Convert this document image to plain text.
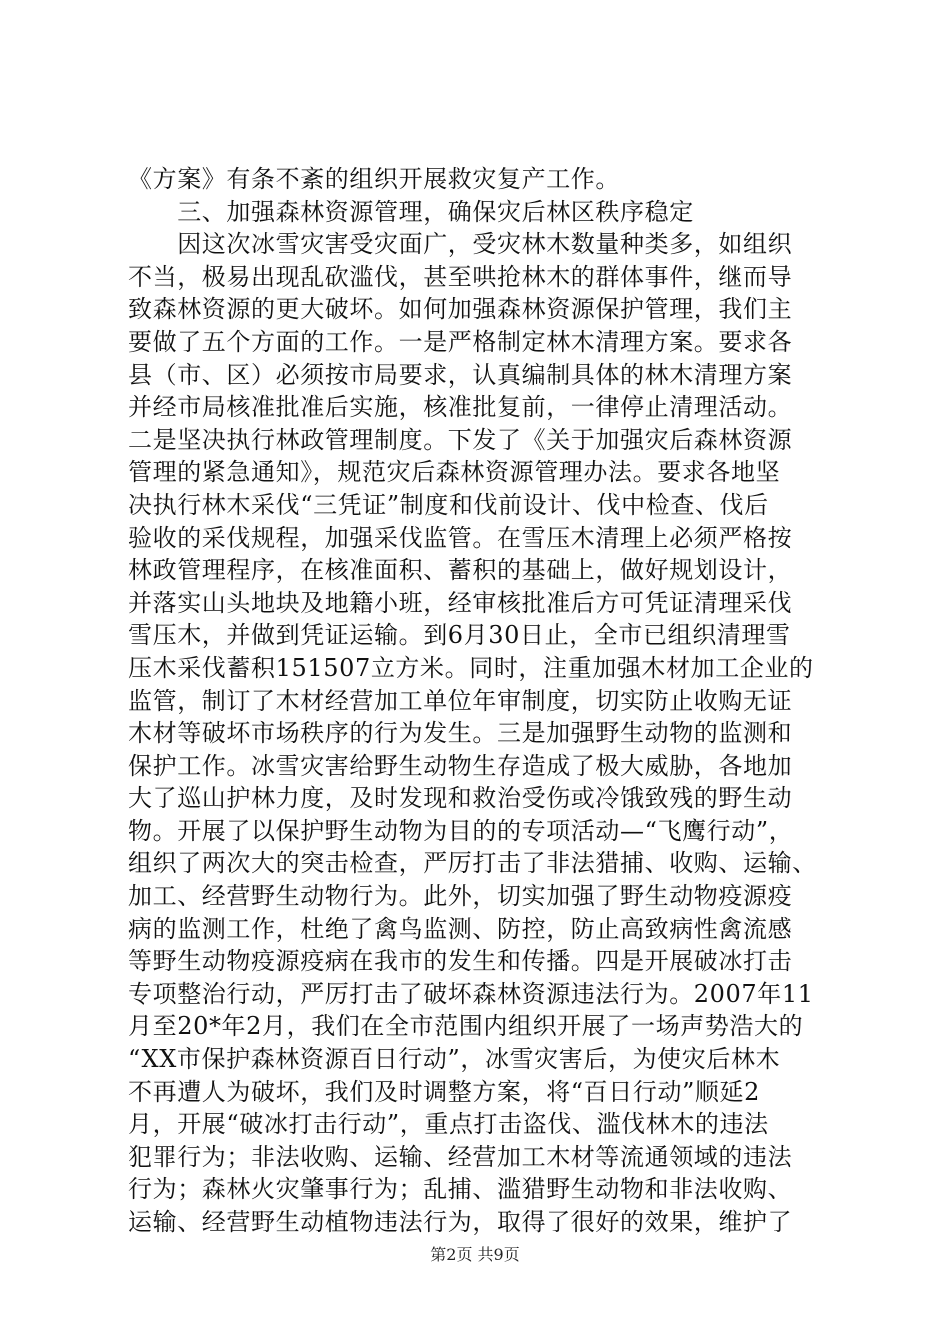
《方案》有条不紊的组织开展救灾复产工作。
　　三、加强森林资源管理，确保灾后林区秩序稳定
　　因这次冰雪灾害受灾面广，受灾林木数量种类多，如组织
不当，极易出现乱砍滥伐，甚至哄抢林木的群体事件，继而导
致森林资源的更大破坏。如何加强森林资源保护管理，我们主
要做了五个方面的工作。一是严格制定林木清理方案。要求各
县（市、区）必须按市局要求，认真编制具体的林木清理方案
并经市局核准批准后实施，核准批复前，一律停止清理活动。
二是坚决执行林政管理制度。下发了《关于加强灾后森林资源
管理的紧急通知》，规范灾后森林资源管理办法。要求各地坚
决执行林木采伐“三凭证”制度和伐前设计、伐中检查、伐后
验收的采伐规程，加强采伐监管。在雪压木清理上必须严格按
林政管理程序，在核准面积、蓄积的基础上，做好规划设计，
并落实山头地块及地籍小班，经审核批准后方可凭证清理采伐
雪压木，并做到凭证运输。到6月30日止，全市已组织清理雪
压木采伐蓄积151507立方米。同时，注重加强木材加工企业的
监管，制订了木材经营加工单位年审制度，切实防止收购无证
木材等破坏市场秩序的行为发生。三是加强野生动物的监测和
保护工作。冰雪灾害给野生动物生存造成了极大威胁，各地加
大了巡山护林力度，及时发现和救治受伤或冷饿致残的野生动
物。开展了以保护野生动物为目的的专项活动—“飞鹰行动”，
组织了两次大的突击检查，严厉打击了非法猎捕、收购、运输、
加工、经营野生动物行为。此外，切实加强了野生动物疫源疫
病的监测工作，杜绝了禽鸟监测、防控，防止高致病性禽流感
等野生动物疫源疫病在我市的发生和传播。四是开展破冰打击
专项整治行动，严厉打击了破坏森林资源违法行为。2007年11
月至20*年2月，我们在全市范围内组织开展了一场声势浩大的
“XX市保护森林资源百日行动”，冰雪灾害后，为使灾后林木
不再遭人为破坏，我们及时调整方案，将“百日行动”顺延2
月，开展“破冰打击行动”，重点打击盗伐、滥伐林木的违法
犯罪行为；非法收购、运输、经营加工木材等流通领域的违法
行为；森林火灾肇事行为；乱捕、滥猎野生动物和非法收购、
运输、经营野生动植物违法行为，取得了很好的效果，维护了
第2页 共9页
